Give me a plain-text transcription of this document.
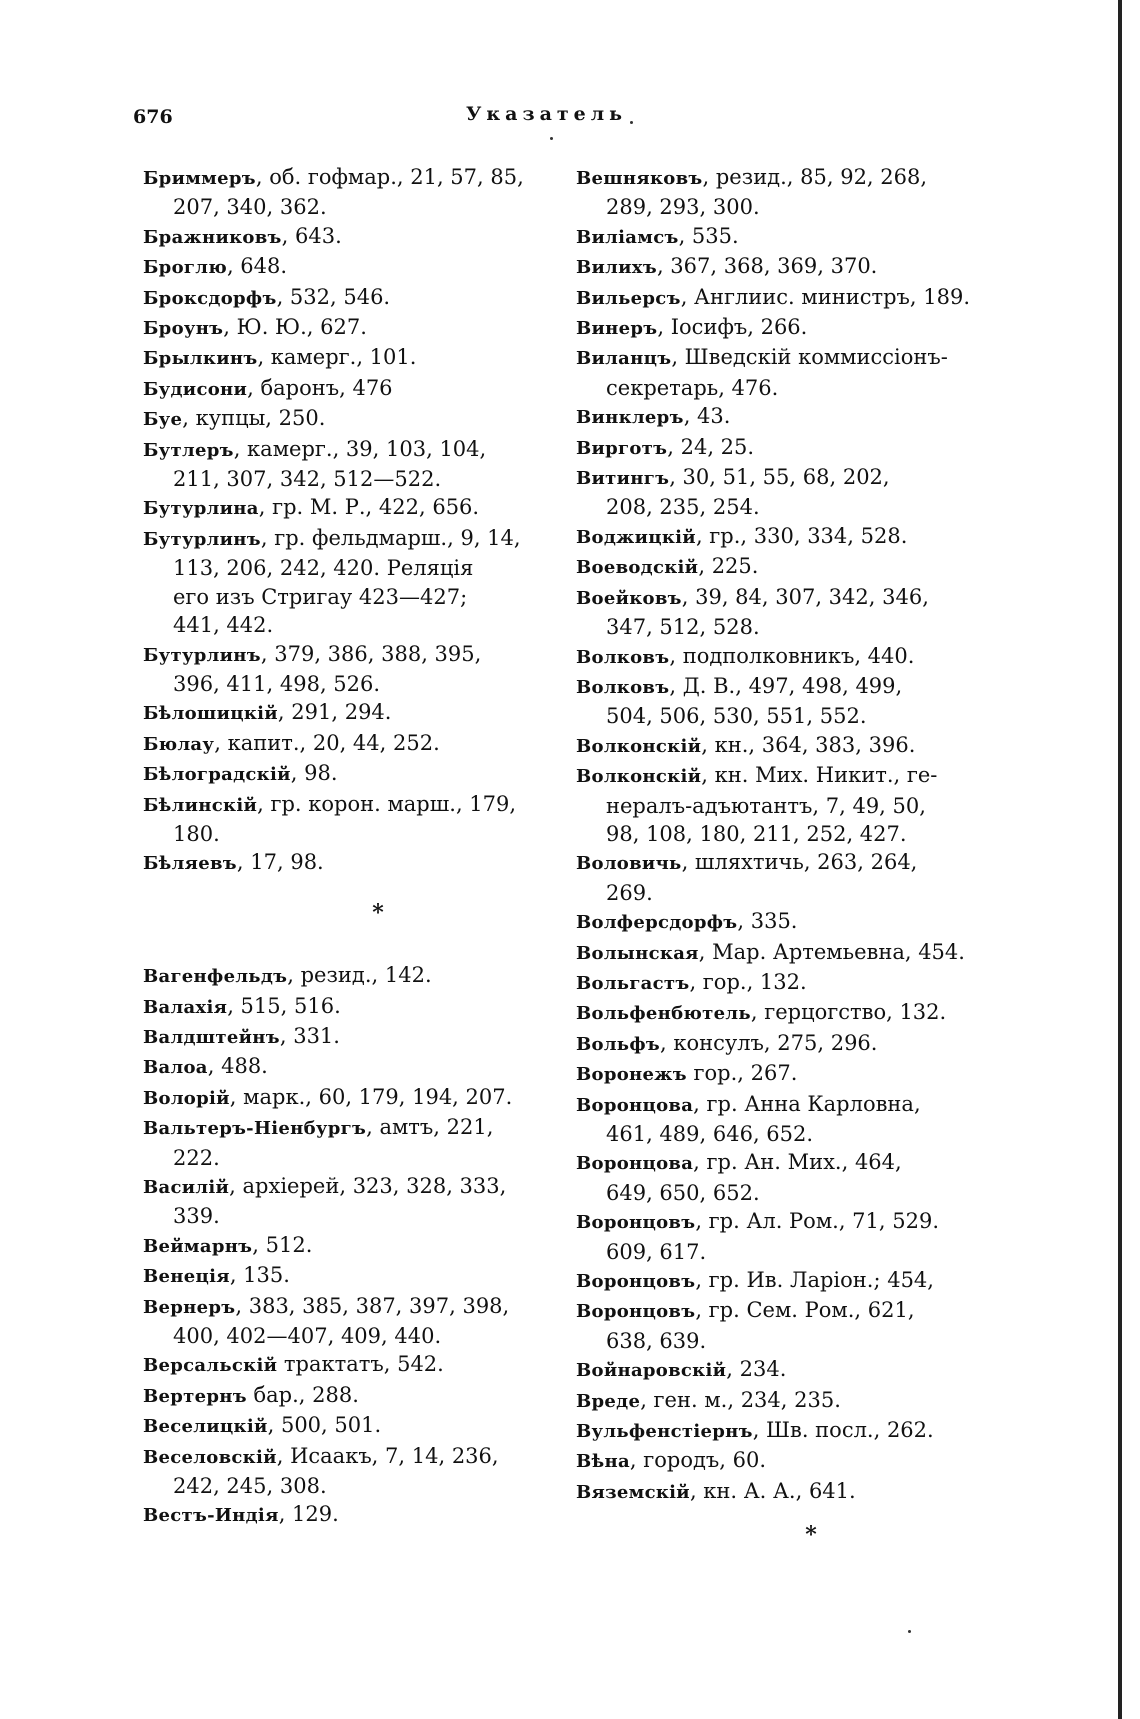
676	Указатель

Бриммеръ, об. гофмар., 21, 57, 85,
207, 340, 362.

Бражниковъ, 643.

Броглю, 648.

Броксдорфъ, 532, 546.

Броунъ, Ю. Ю., 627.

Брылкинъ, камерг., 101.

Будисони, баронъ, 476

Буе, купцы, 250.

Бутлеръ, камерг., 39, 103, 104,
211, 307, 342, 512—522.

Бутурлина, гр. М. Р., 422, 656.

Бутурлинъ, гр. фельдмарш., 9, 14,
113, 206, 242, 420. Реляція
его изъ Стригау 423—427;
441, 442.

Бутурлинъ, 379, 386, 388, 395,
396, 411, 498, 526.

Бѣлошицкій, 291, 294.

Бюлау, капит., 20, 44, 252.

Бѣлоградскій, 98.

Бѣлинскій, гр. корон. марш., 179,
180.

Бѣляевъ, 17, 98.

*

Вагенфельдъ, резид., 142.

Валахія, 515, 516.

Валдштейнъ, 331.

Валоа, 488.

Волорій, марк., 60, 179, 194, 207.

Вальтеръ-Ніенбургъ, амтъ, 221,
222.

Василій, архіерей, 323, 328, 333,
339.

Веймарнъ, 512.

Венеція, 135.

Вернеръ, 383, 385, 387, 397, 398,
400, 402—407, 409, 440.

Версальскій трактатъ, 542.

Вертернъ бар., 288.

Веселицкій, 500, 501.

Веселовскій, Исаакъ, 7, 14, 236,
242, 245, 308.

Вестъ-Индія, 129.

Вешняковъ, резид., 85, 92, 268,
289, 293, 300.

Виліамсъ, 535.

Вилихъ, 367, 368, 369, 370.

Вильерсъ, Англиис. министръ, 189.

Винеръ, Іосифъ, 266.

Виланцъ, Шведскій коммиссіонъ-
секретарь, 476.

Винклеръ, 43.

Вирготъ, 24, 25.

Витингъ, 30, 51, 55, 68, 202,
208, 235, 254.

Воджицкій, гр., 330, 334, 528.

Воеводскій, 225.

Воейковъ, 39, 84, 307, 342, 346,
347, 512, 528.

Волковъ, подполковникъ, 440.

Волковъ, Д. В., 497, 498, 499,
504, 506, 530, 551, 552.

Волконскій, кн., 364, 383, 396.

Волконскій, кн. Мих. Никит., ге-
нералъ-адъютантъ, 7, 49, 50,
98, 108, 180, 211, 252, 427.

Воловичь, шляхтичь, 263, 264,
269.

Волферсдорфъ, 335.

Волынская, Мар. Артемьевна, 454.

Вольгастъ, гор., 132.

Вольфенбютель, герцогство, 132.

Вольфъ, консулъ, 275, 296.

Воронежъ гор., 267.

Воронцова, гр. Анна Карловна,
461, 489, 646, 652.

Воронцова, гр. Ан. Мих., 464,
649, 650, 652.

Воронцовъ, гр. Ал. Ром., 71, 529.
609, 617.

Воронцовъ, гр. Ив. Ларіон.; 454,

Воронцовъ, гр. Сем. Ром., 621,
638, 639.

Войнаровскій, 234.

Вреде, ген. м., 234, 235.

Вульфенстіернъ, Шв. посл., 262.

Вѣна, городъ, 60.

Вяземскій, кн. А. А., 641.

*
